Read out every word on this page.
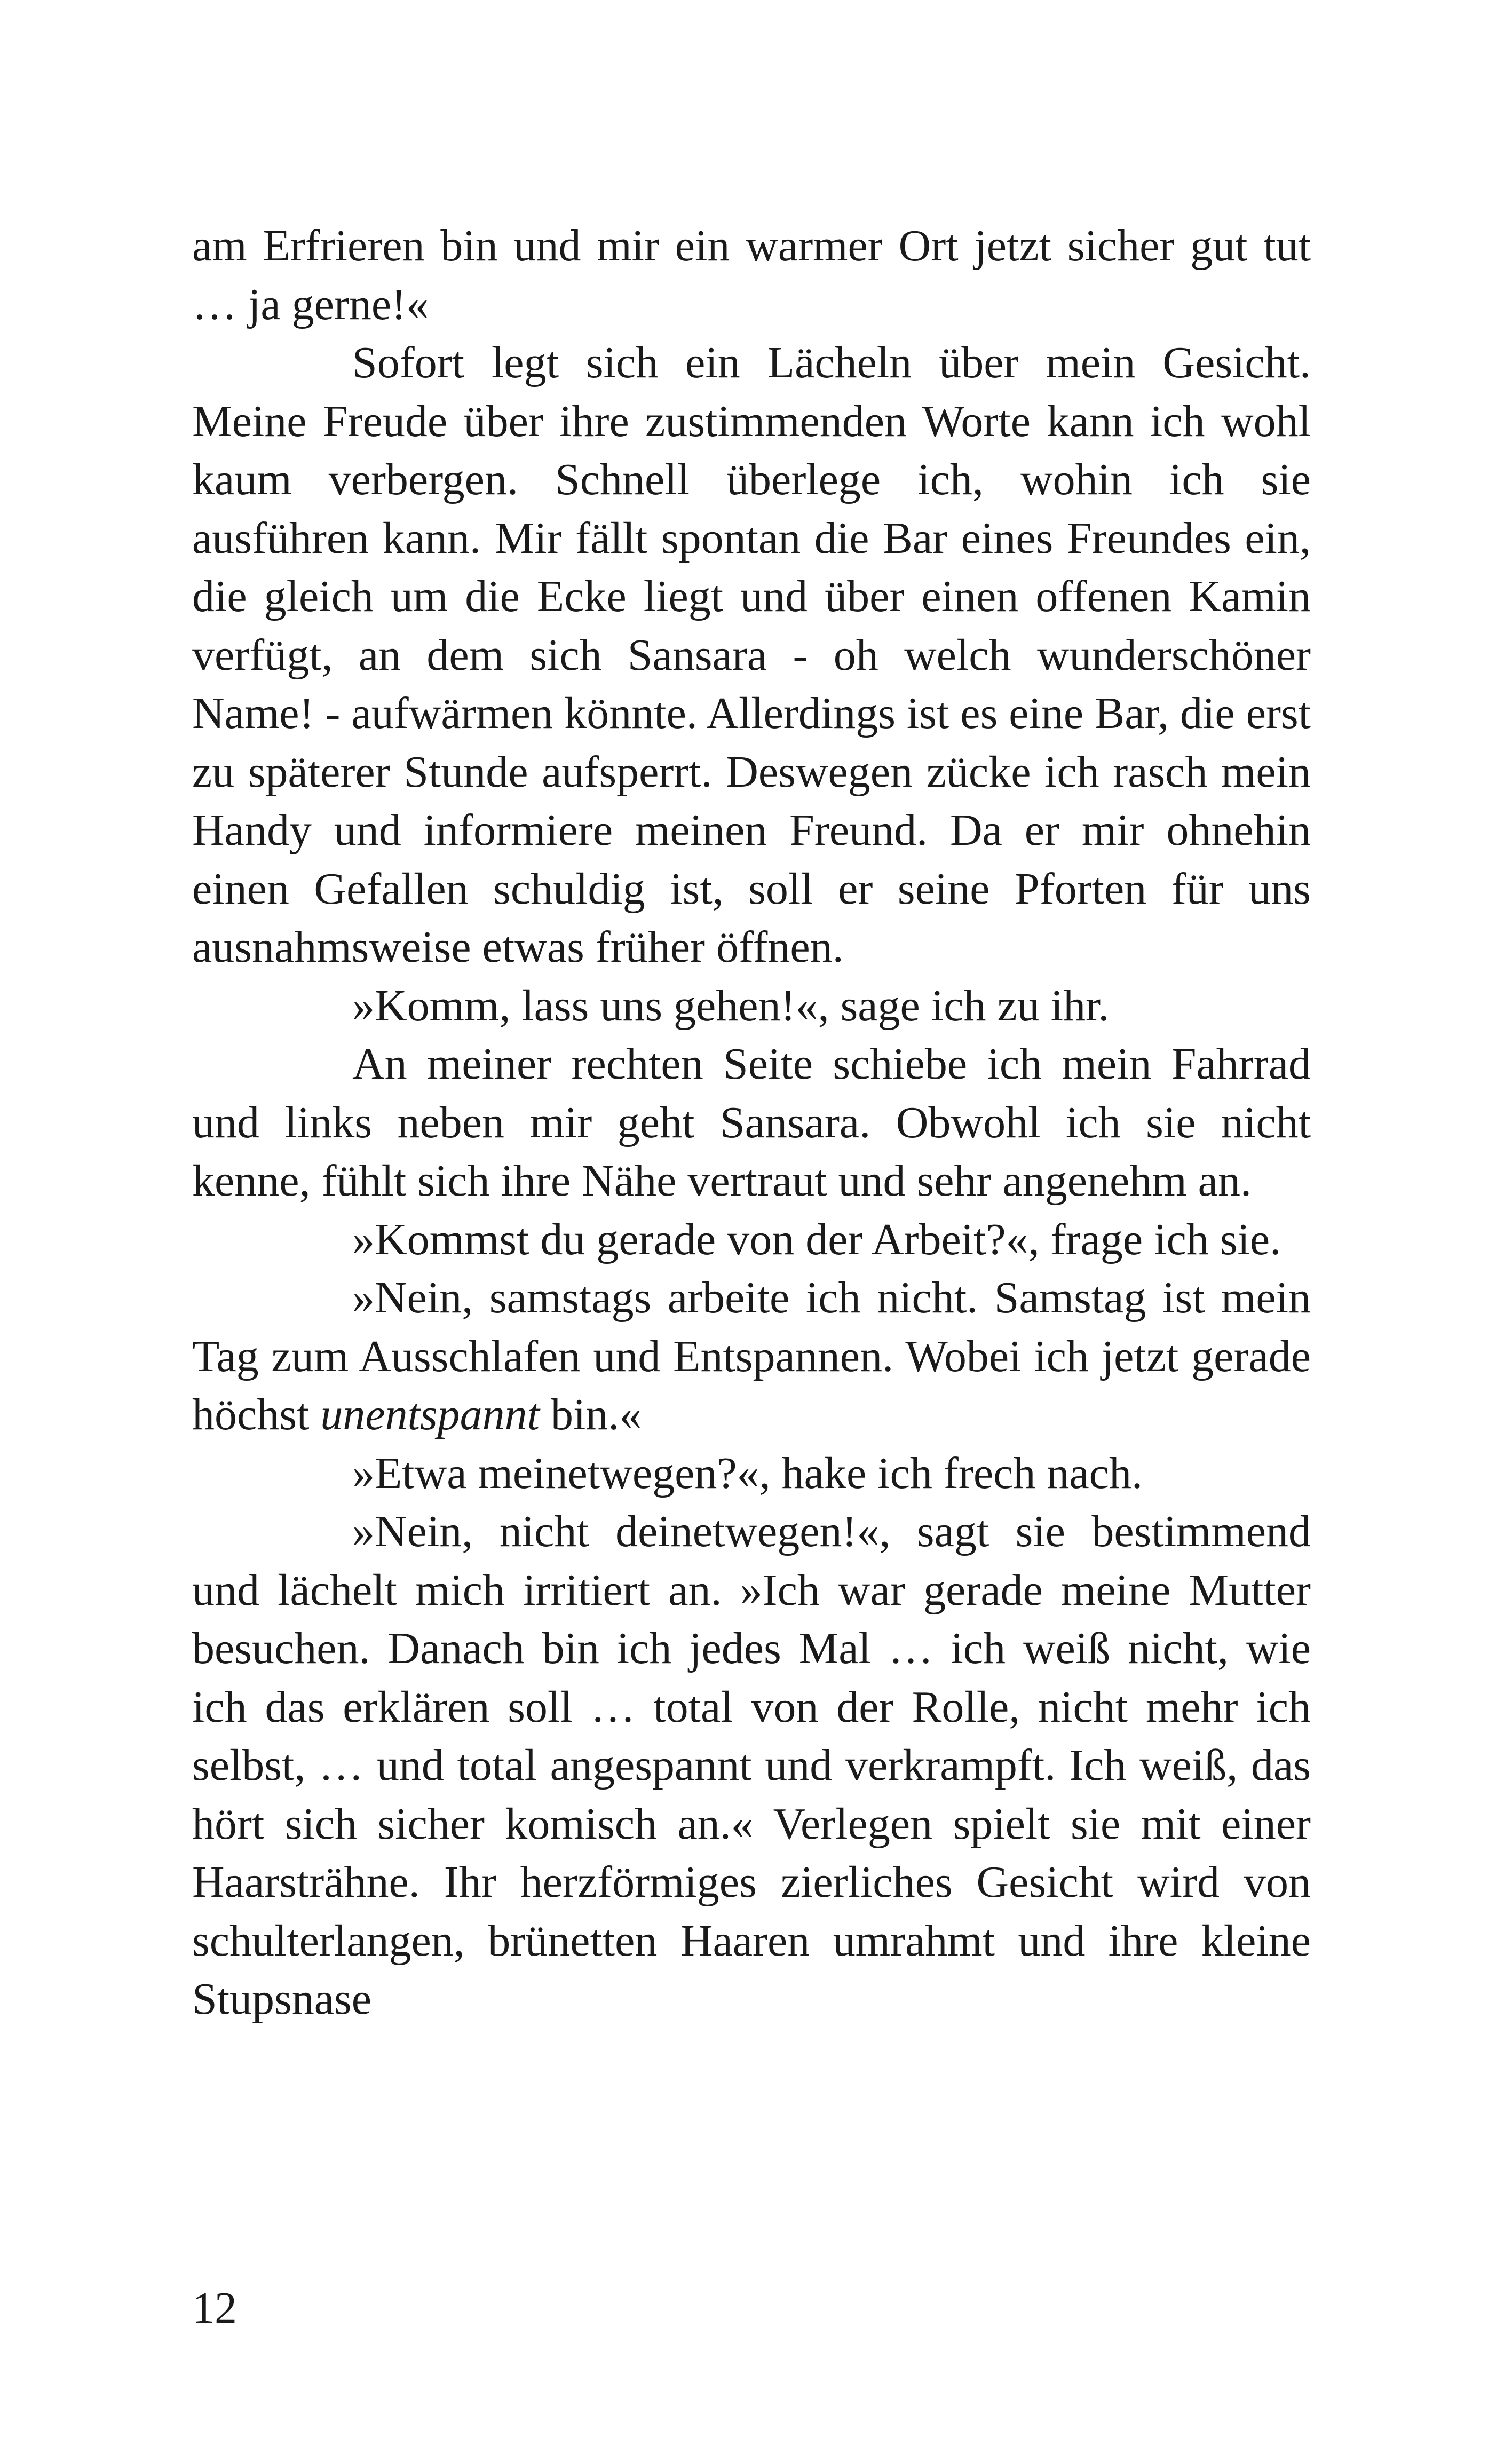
am Erfrieren bin und mir ein warmer Ort jetzt sicher gut tut … ja gerne!«

Sofort legt sich ein Lächeln über mein Gesicht. Meine Freude über ihre zustimmenden Worte kann ich wohl kaum verbergen. Schnell überlege ich, wohin ich sie ausführen kann. Mir fällt spontan die Bar eines Freundes ein, die gleich um die Ecke liegt und über einen offenen Kamin verfügt, an dem sich Sansara - oh welch wunderschöner Name! - aufwärmen könnte. Allerdings ist es eine Bar, die erst zu späterer Stunde aufsperrt. Deswegen zücke ich rasch mein Handy und informiere meinen Freund. Da er mir ohnehin einen Gefallen schuldig ist, soll er seine Pforten für uns ausnahmsweise etwas früher öffnen.

»Komm, lass uns gehen!«, sage ich zu ihr.

An meiner rechten Seite schiebe ich mein Fahrrad und links neben mir geht Sansara. Obwohl ich sie nicht kenne, fühlt sich ihre Nähe vertraut und sehr angenehm an.

»Kommst du gerade von der Arbeit?«, frage ich sie.

»Nein, samstags arbeite ich nicht. Samstag ist mein Tag zum Ausschlafen und Entspannen. Wobei ich jetzt gerade höchst unentspannt bin.«

»Etwa meinetwegen?«, hake ich frech nach.

»Nein, nicht deinetwegen!«, sagt sie bestimmend und lächelt mich irritiert an. »Ich war gerade meine Mutter besuchen. Danach bin ich jedes Mal … ich weiß nicht, wie ich das erklären soll … total von der Rolle, nicht mehr ich selbst, … und total angespannt und verkrampft. Ich weiß, das hört sich sicher komisch an.« Verlegen spielt sie mit einer Haarsträhne. Ihr herzförmiges zierliches Gesicht wird von schulterlangen, brünetten Haaren umrahmt und ihre kleine Stupsnase

12
